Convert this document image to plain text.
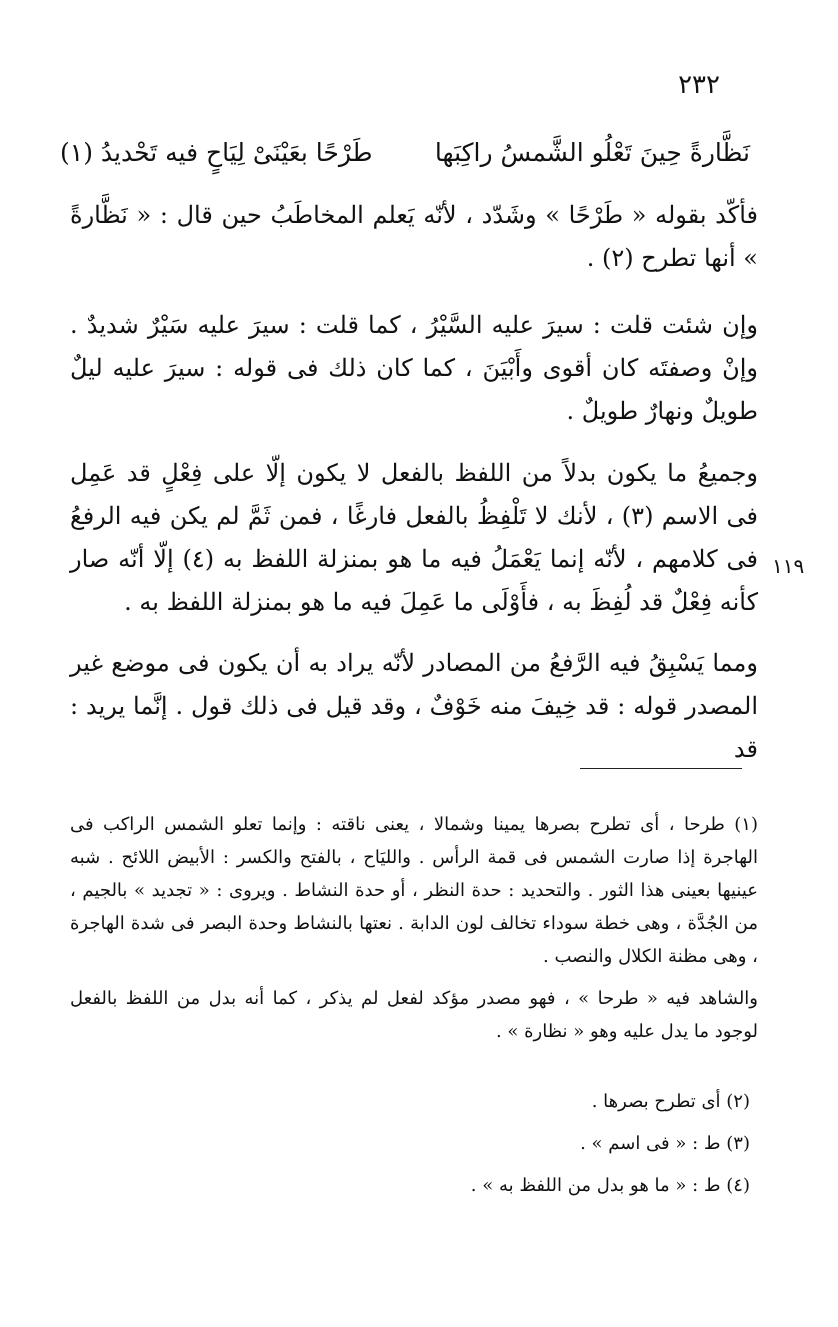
٢٣٢
نَظَّارةً حِينَ تَعْلُو الشَّمسُ راكِبَها
طَرْحًا بعَيْنَىْ لِيَاحٍ فيه تَحْديدُ (١)

فأكّد بقوله « طَرْحًا » وشَدّد ، لأنّه يَعلم المخاطَبُ حين قال : « نَظَّارةً » أنها تطرح (٢) .

وإن شئت قلت : سيرَ عليه السَّيْرُ ، كما قلت : سيرَ عليه سَيْرٌ شديدٌ . وإنْ وصفتَه كان أقوى وأَبْيَنَ ، كما كان ذلك فى قوله : سيرَ عليه ليلٌ طويلٌ ونهارٌ طويلٌ .

وجميعُ ما يكون بدلاً من اللفظ بالفعل لا يكون إلّا على فِعْلٍ قد عَمِل فى الاسم (٣) ، لأنك لا تَلْفِظُ بالفعل فارغًا ، فمن ثَمَّ لم يكن فيه الرفعُ فى كلامهم ، لأنّه إنما يَعْمَلُ فيه ما هو بمنزلة اللفظ به (٤) إلّا أنّه صار كأنه فِعْلٌ قد لُفِظَ به ، فأَوْلَى ما عَمِلَ فيه ما هو بمنزلة اللفظ به .

ومما يَسْبِقُ فيه الرَّفعُ من المصادر لأنّه يراد به أن يكون فى موضع غير المصدر قوله : قد خِيفَ منه خَوْفٌ ، وقد قيل فى ذلك قول . إنَّما يريد : قد

١١٩

(١) طرحا ، أى تطرح بصرها يمينا وشمالا ، يعنى ناقته : وإنما تعلو الشمس الراكب فى الهاجرة إذا صارت الشمس فى قمة الرأس . والليَاح ، بالفتح والكسر : الأبيض اللائح . شبه عينيها بعينى هذا الثور . والتحديد : حدة النظر ، أو حدة النشاط . ويروى : « تجديد » بالجيم ، من الجُدَّة ، وهى خطة سوداء تخالف لون الدابة . نعتها بالنشاط وحدة البصر فى شدة الهاجرة ، وهى مظنة الكلال والنصب .

والشاهد فيه « طرحا » ، فهو مصدر مؤكد لفعل لم يذكر ، كما أنه بدل من اللفظ بالفعل لوجود ما يدل عليه وهو « نظارة » .

(٢) أى تطرح بصرها .

(٣) ط : « فى اسم » .

(٤) ط : « ما هو بدل من اللفظ به » .
